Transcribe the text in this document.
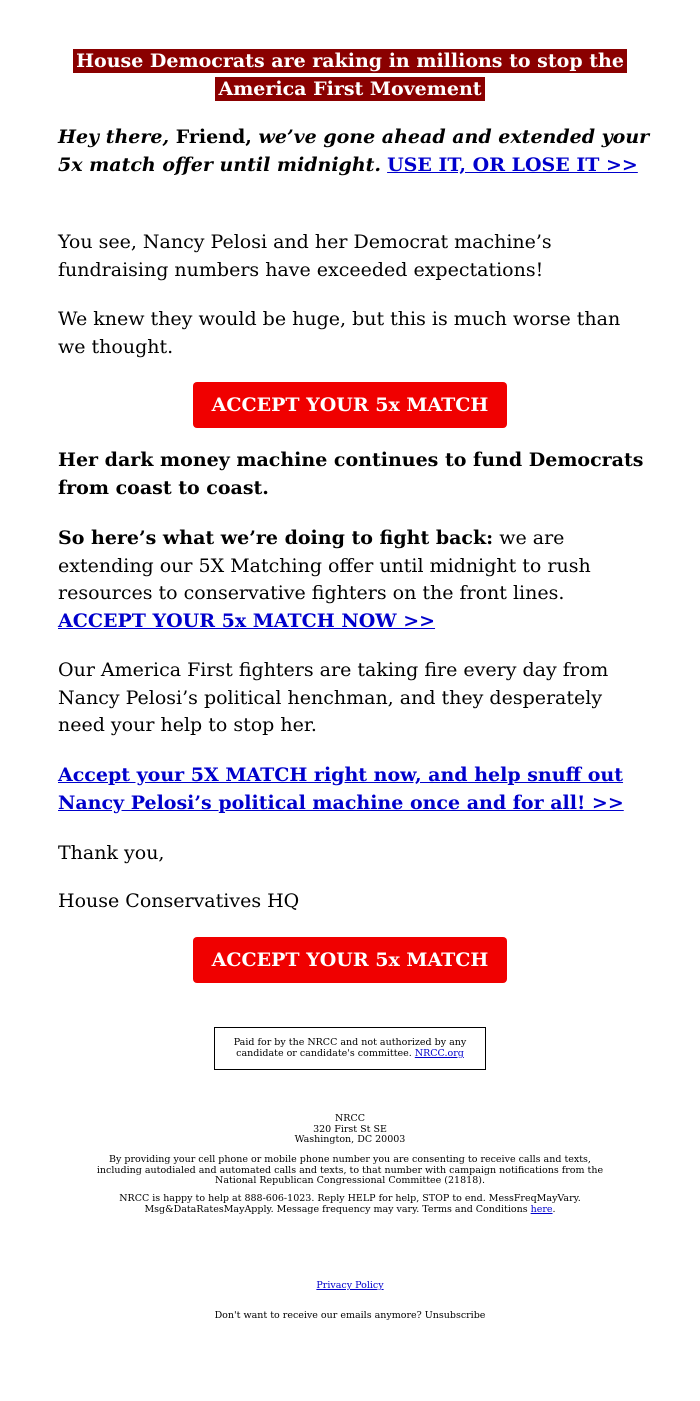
House Democrats are raking in millions to stop the
America First Movement
Hey there, Friend, we’ve gone ahead and extended your 5x match offer until midnight. USE IT, OR LOSE IT >>
You see, Nancy Pelosi and her Democrat machine’s fundraising numbers have exceeded expectations!
We knew they would be huge, but this is much worse than we thought.
ACCEPT YOUR 5x MATCH
Her dark money machine continues to fund Democrats from coast to coast.
So here’s what we’re doing to fight back: we are extending our 5X Matching offer until midnight to rush resources to conservative fighters on the front lines. ACCEPT YOUR 5x MATCH NOW >>
Our America First fighters are taking fire every day from Nancy Pelosi’s political henchman, and they desperately need your help to stop her.
Accept your 5X MATCH right now, and help snuff out Nancy Pelosi’s political machine once and for all! >>
Thank you,
House Conservatives HQ
ACCEPT YOUR 5x MATCH
Paid for by the NRCC and not authorized by any candidate or candidate's committee. NRCC.org
NRCC
320 First St SE
Washington, DC 20003
By providing your cell phone or mobile phone number you are consenting to receive calls and texts, including autodialed and automated calls and texts, to that number with campaign notifications from the National Republican Congressional Committee (21818).
NRCC is happy to help at 888-606-1023. Reply HELP for help, STOP to end. MessFreqMayVary. Msg&DataRatesMayApply. Message frequency may vary. Terms and Conditions here.
Privacy Policy
Don't want to receive our emails anymore? Unsubscribe
